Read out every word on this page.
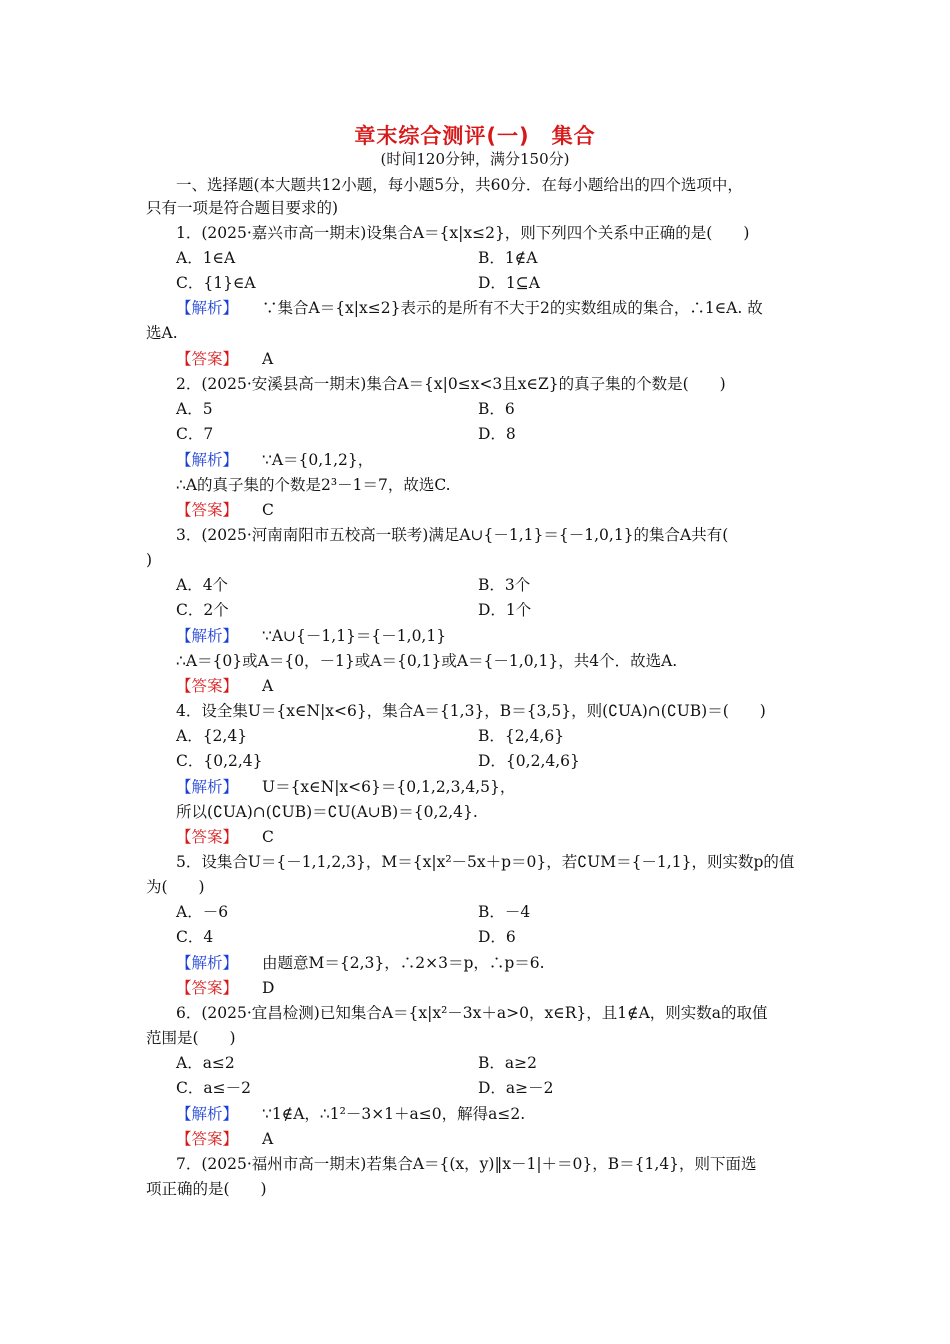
章末综合测评(一)　集合
(时间120分钟，满分150分)
一、选择题(本大题共12小题，每小题5分，共60分．在每小题给出的四个选项中，
只有一项是符合题目要求的)
1．(2025·嘉兴市高一期末)设集合A＝{x|x≤2}，则下列四个关系中正确的是(　　)
A．1∈A	B．1∉A
C．{1}∈A	D．1⊆A
【解析】 ∵集合A＝{x|x≤2}表示的是所有不大于2的实数组成的集合，∴1∈A. 故
选A.
【答案】 A
2．(2025·安溪县高一期末)集合A＝{x|0≤x<3且x∈Z}的真子集的个数是(　　)
A．5	B．6
C．7	D．8
【解析】 ∵A＝{0,1,2}，
∴A的真子集的个数是2³－1＝7，故选C.
【答案】 C
3．(2025·河南南阳市五校高一联考)满足A∪{－1,1}＝{－1,0,1}的集合A共有(
)
A．4个	B．3个
C．2个	D．1个
【解析】 ∵A∪{－1,1}＝{－1,0,1}
∴A＝{0}或A＝{0，－1}或A＝{0,1}或A＝{－1,0,1}，共4个．故选A.
【答案】 A
4．设全集U＝{x∈N|x<6}，集合A＝{1,3}，B＝{3,5}，则(∁UA)∩(∁UB)＝(　　)
A．{2,4}	B．{2,4,6}
C．{0,2,4}	D．{0,2,4,6}
【解析】 U＝{x∈N|x<6}＝{0,1,2,3,4,5}，
所以(∁UA)∩(∁UB)＝∁U(A∪B)＝{0,2,4}.
【答案】 C
5．设集合U＝{－1,1,2,3}，M＝{x|x²－5x＋p＝0}，若∁UM＝{－1,1}，则实数p的值
为(　　)
A．－6	B．－4
C．4	D．6
【解析】 由题意M＝{2,3}，∴2×3＝p，∴p＝6.
【答案】 D
6．(2025·宜昌检测)已知集合A＝{x|x²－3x＋a>0，x∈R}，且1∉A，则实数a的取值
范围是(　　)
A．a≤2	B．a≥2
C．a≤－2	D．a≥－2
【解析】 ∵1∉A，∴1²－3×1＋a≤0，解得a≤2.
【答案】 A
7．(2025·福州市高一期末)若集合A＝{(x，y)‖x－1|＋＝0}，B＝{1,4}，则下面选
项正确的是(　　)
